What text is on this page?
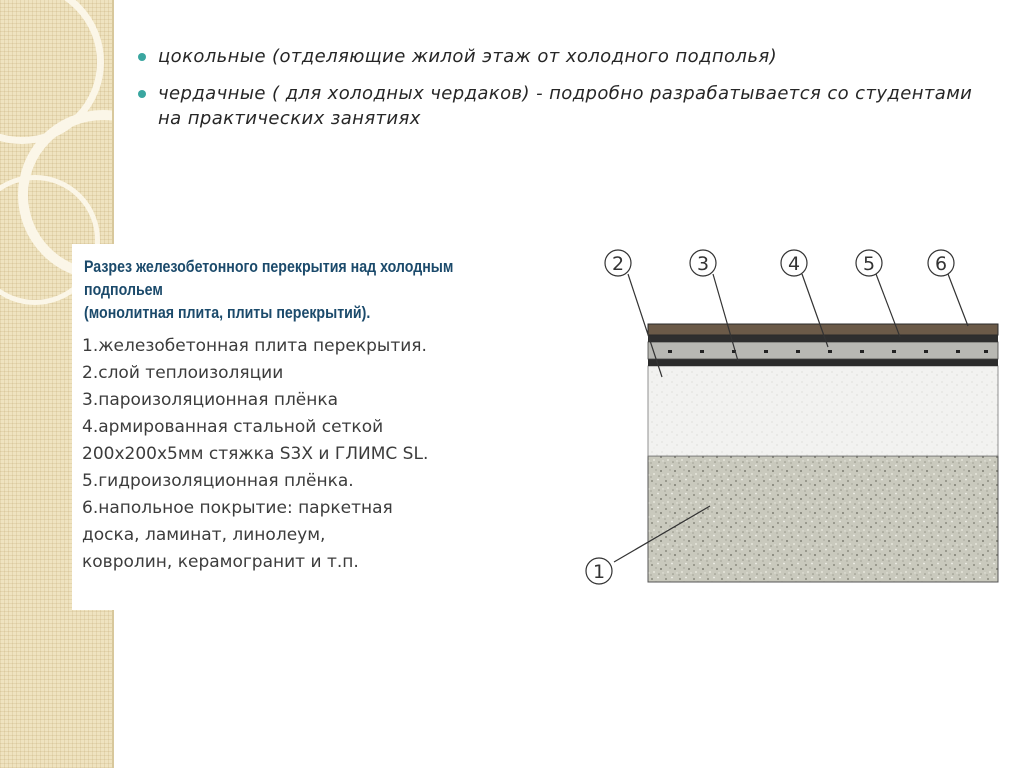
цокольные (отделяющие жилой этаж от холодного подполья)
чердачные ( для холодных чердаков) - подробно разрабатывается со студентами на практических занятиях
Разрез железобетонного перекрытия над холодным
подпольем
(монолитная плита, плиты перекрытий).
1.железобетонная плита перекрытия.
2.слой теплоизоляции
3.пароизоляционная плёнка
4.армированная стальной сеткой
200х200х5мм стяжка S3X и ГЛИМС SL.
5.гидроизоляционная плёнка.
6.напольное покрытие: паркетная
доска, ламинат, линолеум,
ковролин, керамогранит и т.п.
2	3	4	5	6
1
